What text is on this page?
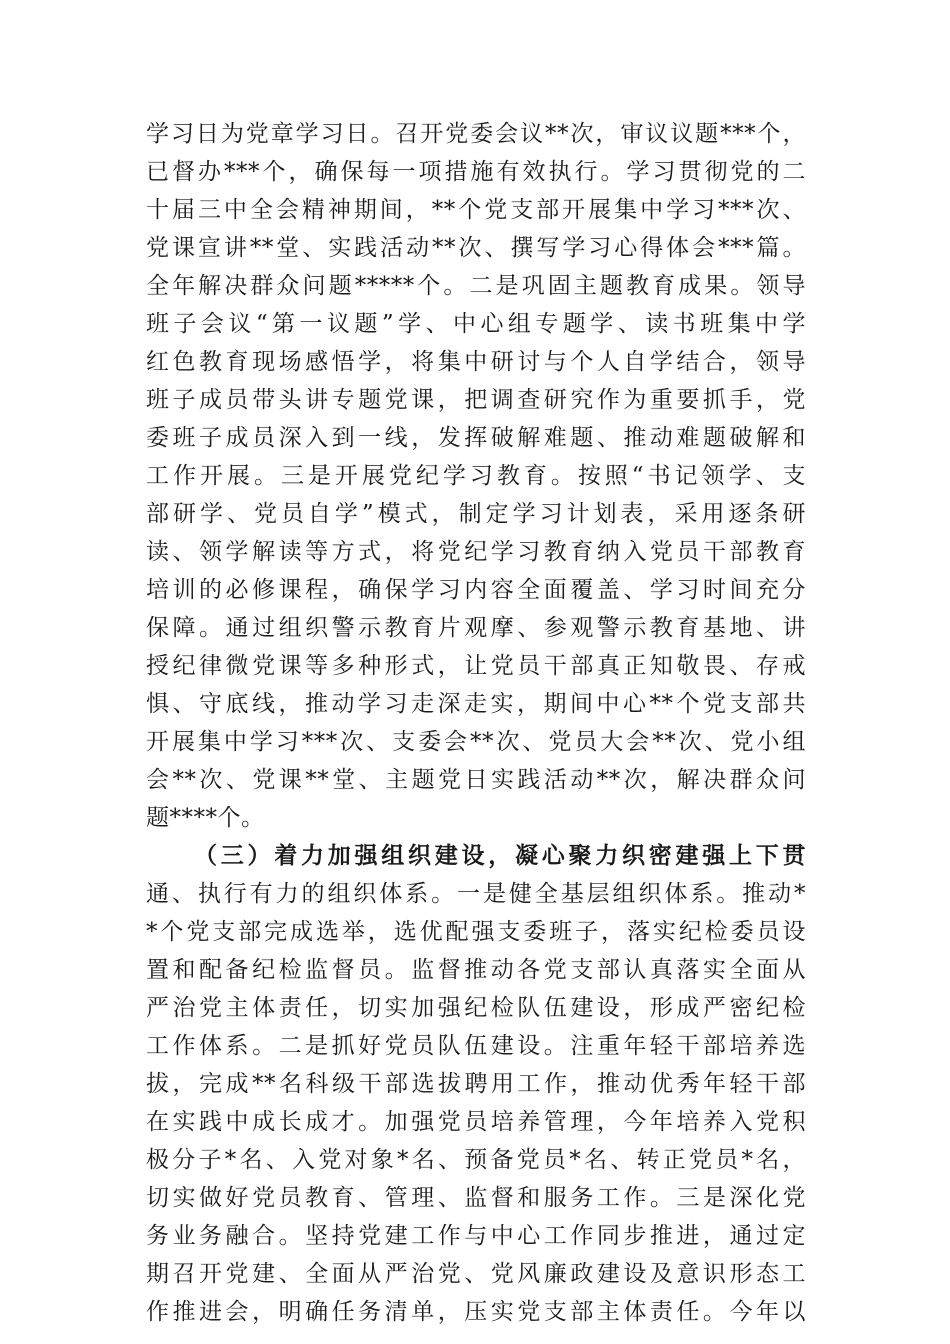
学习日为党章学习日。召开党委会议**次，审议议题***个，
已督办***个，确保每一项措施有效执行。学习贯彻党的二
十届三中全会精神期间，**个党支部开展集中学习***次、
党课宣讲**堂、实践活动**次、撰写学习心得体会***篇。
全年解决群众问题*****个。二是巩固主题教育成果。领导
班子会议“第一议题”学、中心组专题学、读书班集中学
红色教育现场感悟学，将集中研讨与个人自学结合，领导
班子成员带头讲专题党课，把调查研究作为重要抓手，党
委班子成员深入到一线，发挥破解难题、推动难题破解和
工作开展。三是开展党纪学习教育。按照“书记领学、支
部研学、党员自学”模式，制定学习计划表，采用逐条研
读、领学解读等方式，将党纪学习教育纳入党员干部教育
培训的必修课程，确保学习内容全面覆盖、学习时间充分
保障。通过组织警示教育片观摩、参观警示教育基地、讲
授纪律微党课等多种形式，让党员干部真正知敬畏、存戒
惧、守底线，推动学习走深走实，期间中心**个党支部共
开展集中学习***次、支委会**次、党员大会**次、党小组
会**次、党课**堂、主题党日实践活动**次，解决群众问
题****个。
（三）着力加强组织建设，凝心聚力织密建强上下贯
通、执行有力的组织体系。一是健全基层组织体系。推动*
*个党支部完成选举，选优配强支委班子，落实纪检委员设
置和配备纪检监督员。监督推动各党支部认真落实全面从
严治党主体责任，切实加强纪检队伍建设，形成严密纪检
工作体系。二是抓好党员队伍建设。注重年轻干部培养选
拔，完成**名科级干部选拔聘用工作，推动优秀年轻干部
在实践中成长成才。加强党员培养管理，今年培养入党积
极分子*名、入党对象*名、预备党员*名、转正党员*名，
切实做好党员教育、管理、监督和服务工作。三是深化党
务业务融合。坚持党建工作与中心工作同步推进，通过定
期召开党建、全面从严治党、党风廉政建设及意识形态工
作推进会，明确任务清单，压实党支部主体责任。今年以
